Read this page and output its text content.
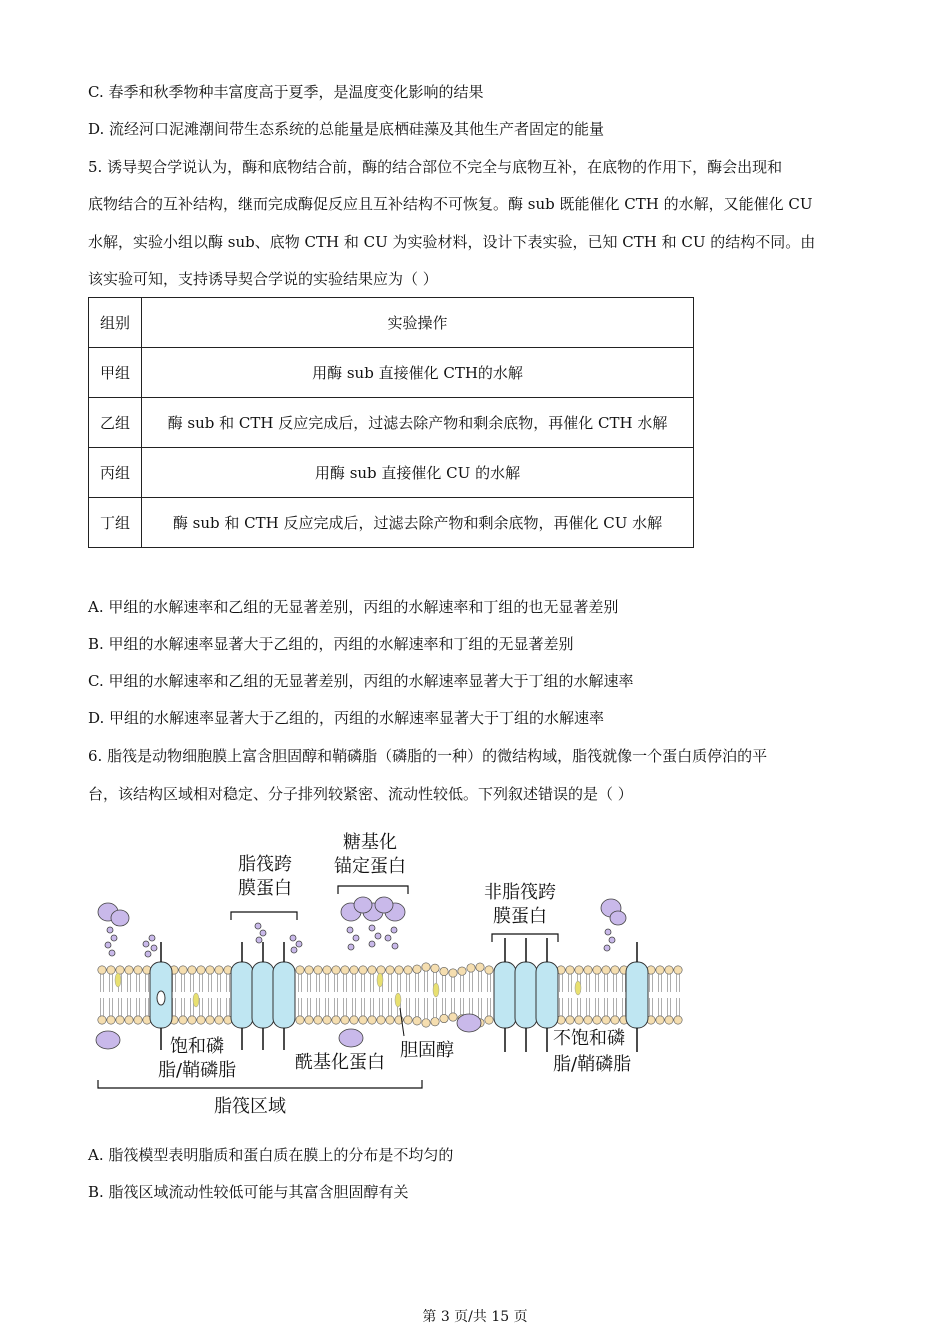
C. 春季和秋季物种丰富度高于夏季，是温度变化影响的结果
D. 流经河口泥滩潮间带生态系统的总能量是底栖硅藻及其他生产者固定的能量
5. 诱导契合学说认为，酶和底物结合前，酶的结合部位不完全与底物互补，在底物的作用下，酶会出现和
底物结合的互补结构，继而完成酶促反应且互补结构不可恢复。酶 sub 既能催化 CTH 的水解，又能催化 CU
水解，实验小组以酶 sub、底物 CTH 和 CU 为实验材料，设计下表实验，已知 CTH 和 CU 的结构不同。由
该实验可知，支持诱导契合学说的实验结果应为（ ）
组别	实验操作
甲组	用酶 sub 直接催化 CTH的水解
乙组	酶 sub 和 CTH 反应完成后，过滤去除产物和剩余底物，再催化 CTH 水解
丙组	用酶 sub 直接催化 CU 的水解
丁组	酶 sub 和 CTH 反应完成后，过滤去除产物和剩余底物，再催化 CU 水解
A. 甲组的水解速率和乙组的无显著差别，丙组的水解速率和丁组的也无显著差别
B. 甲组的水解速率显著大于乙组的，丙组的水解速率和丁组的无显著差别
C. 甲组的水解速率和乙组的无显著差别，丙组的水解速率显著大于丁组的水解速率
D. 甲组的水解速率显著大于乙组的，丙组的水解速率显著大于丁组的水解速率
6. 脂筏是动物细胞膜上富含胆固醇和鞘磷脂（磷脂的一种）的微结构域，脂筏就像一个蛋白质停泊的平
台，该结构区域相对稳定、分子排列较紧密、流动性较低。下列叙述错误的是（ ）
脂筏跨
膜蛋白
糖基化
锚定蛋白
非脂筏跨
膜蛋白
饱和磷
脂/鞘磷脂	酰基化蛋白
胆固醇
不饱和磷
脂/鞘磷脂
脂筏区域
A. 脂筏模型表明脂质和蛋白质在膜上的分布是不均匀的
B. 脂筏区域流动性较低可能与其富含胆固醇有关
第 3 页/共 15 页
